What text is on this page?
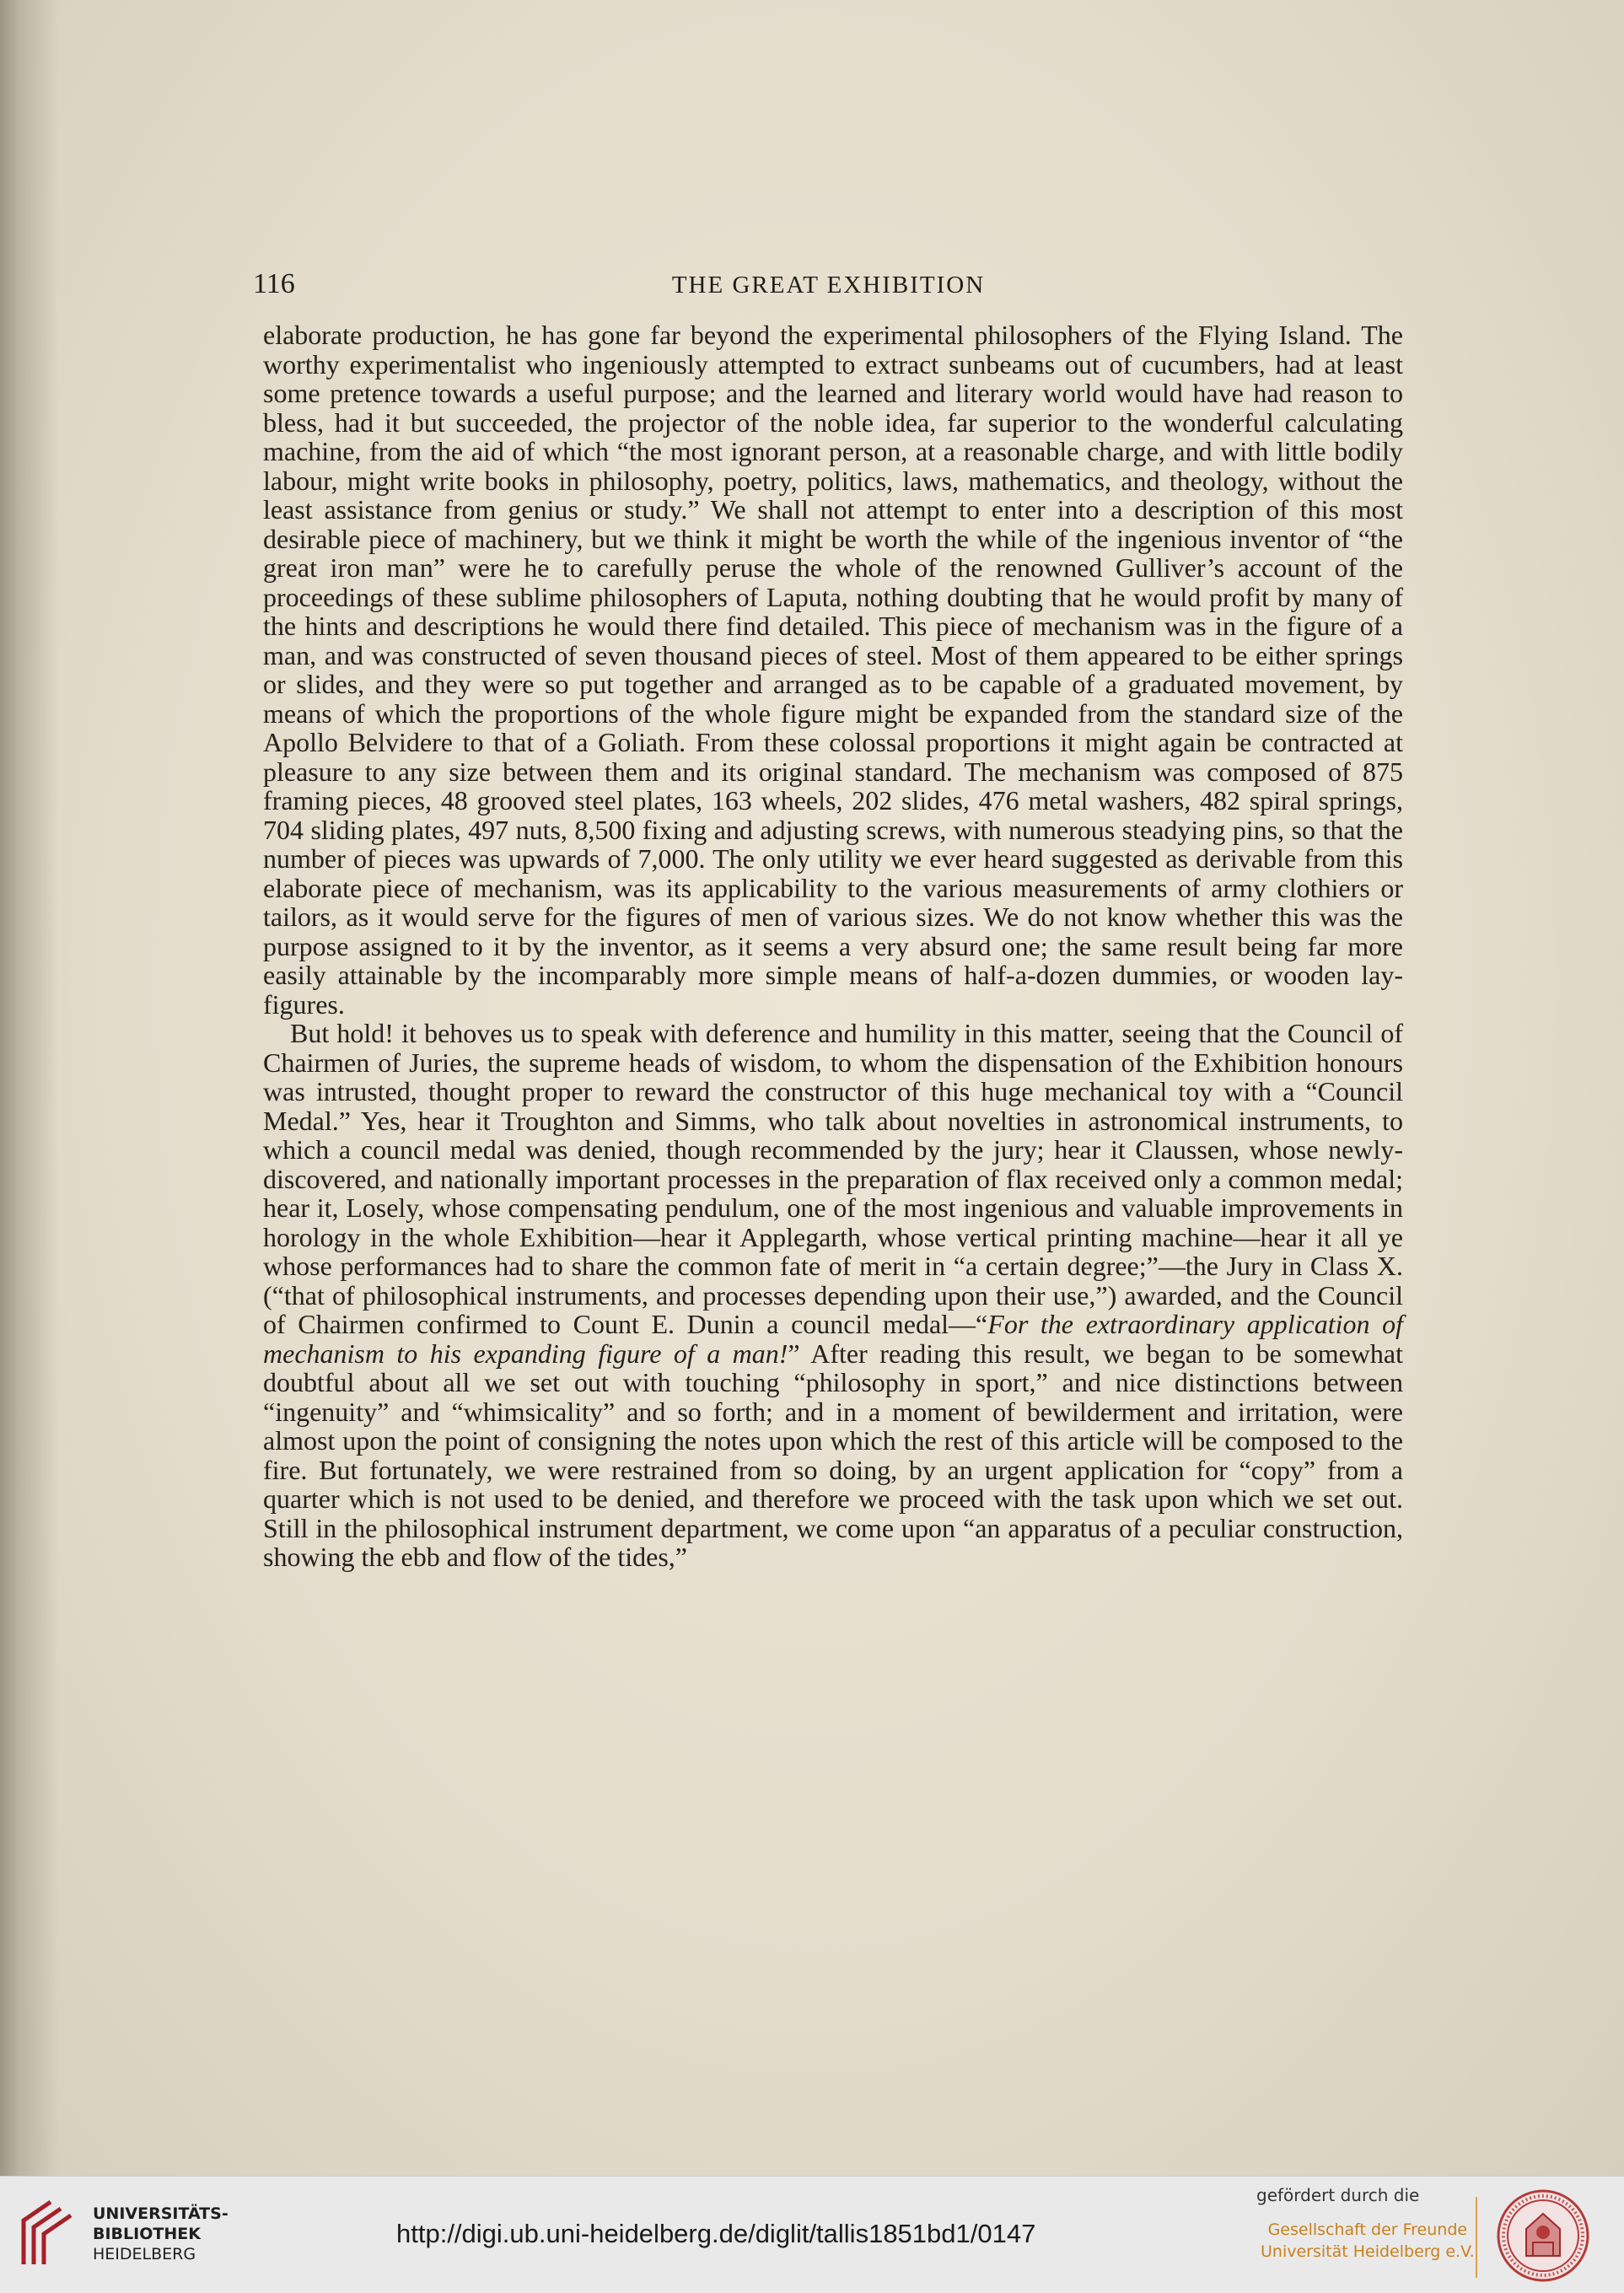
116	THE GREAT EXHIBITION

elaborate production, he has gone far beyond the experimental philosophers of the Flying Island. The worthy experimentalist who ingeniously attempted to extract sunbeams out of cucumbers, had at least some pretence towards a useful purpose; and the learned and literary world would have had reason to bless, had it but succeeded, the projector of the noble idea, far superior to the wonderful calculating machine, from the aid of which “the most ignorant person, at a reasonable charge, and with little bodily labour, might write books in philosophy, poetry, politics, laws, mathematics, and theology, without the least assistance from genius or study.” We shall not attempt to enter into a description of this most desirable piece of machinery, but we think it might be worth the while of the ingenious inventor of “the great iron man” were he to carefully peruse the whole of the renowned Gulliver’s account of the proceedings of these sublime philosophers of Laputa, nothing doubting that he would profit by many of the hints and descriptions he would there find detailed. This piece of mechanism was in the figure of a man, and was constructed of seven thousand pieces of steel. Most of them appeared to be either springs or slides, and they were so put together and arranged as to be capable of a graduated movement, by means of which the proportions of the whole figure might be expanded from the standard size of the Apollo Belvidere to that of a Goliath. From these colossal proportions it might again be contracted at pleasure to any size between them and its original standard. The mechanism was composed of 875 framing pieces, 48 grooved steel plates, 163 wheels, 202 slides, 476 metal washers, 482 spiral springs, 704 sliding plates, 497 nuts, 8,500 fixing and adjusting screws, with numerous steadying pins, so that the number of pieces was upwards of 7,000. The only utility we ever heard suggested as derivable from this elaborate piece of mechanism, was its applicability to the various measurements of army clothiers or tailors, as it would serve for the figures of men of various sizes. We do not know whether this was the purpose assigned to it by the inventor, as it seems a very absurd one; the same result being far more easily attainable by the incomparably more simple means of half-a-dozen dummies, or wooden lay-figures.

But hold! it behoves us to speak with deference and humility in this matter, seeing that the Council of Chairmen of Juries, the supreme heads of wisdom, to whom the dispensation of the Exhibition honours was intrusted, thought proper to reward the constructor of this huge mechanical toy with a “Council Medal.” Yes, hear it Troughton and Simms, who talk about novelties in astronomical instruments, to which a council medal was denied, though recommended by the jury; hear it Claussen, whose newly-discovered, and nationally important processes in the preparation of flax received only a common medal; hear it, Losely, whose compensating pendulum, one of the most ingenious and valuable improvements in horology in the whole Exhibition—hear it Applegarth, whose vertical printing machine—hear it all ye whose performances had to share the common fate of merit in “a certain degree;”—the Jury in Class X. (“that of philosophical instruments, and processes depending upon their use,”) awarded, and the Council of Chairmen confirmed to Count E. Dunin a council medal—“For the extraordinary application of mechanism to his expanding figure of a man!” After reading this result, we began to be somewhat doubtful about all we set out with touching “philosophy in sport,” and nice distinctions between “ingenuity” and “whimsicality” and so forth; and in a moment of bewilderment and irritation, were almost upon the point of consigning the notes upon which the rest of this article will be composed to the fire. But fortunately, we were restrained from so doing, by an urgent application for “copy” from a quarter which is not used to be denied, and therefore we proceed with the task upon which we set out. Still in the philosophical instrument department, we come upon “an apparatus of a peculiar construction, showing the ebb and flow of the tides,”

UNIVERSITÄTS-
BIBLIOTHEK
HEIDELBERG
http://digi.ub.uni-heidelberg.de/diglit/tallis1851bd1/0147
gefördert durch die
Gesellschaft der Freunde
Universität Heidelberg e.V.
